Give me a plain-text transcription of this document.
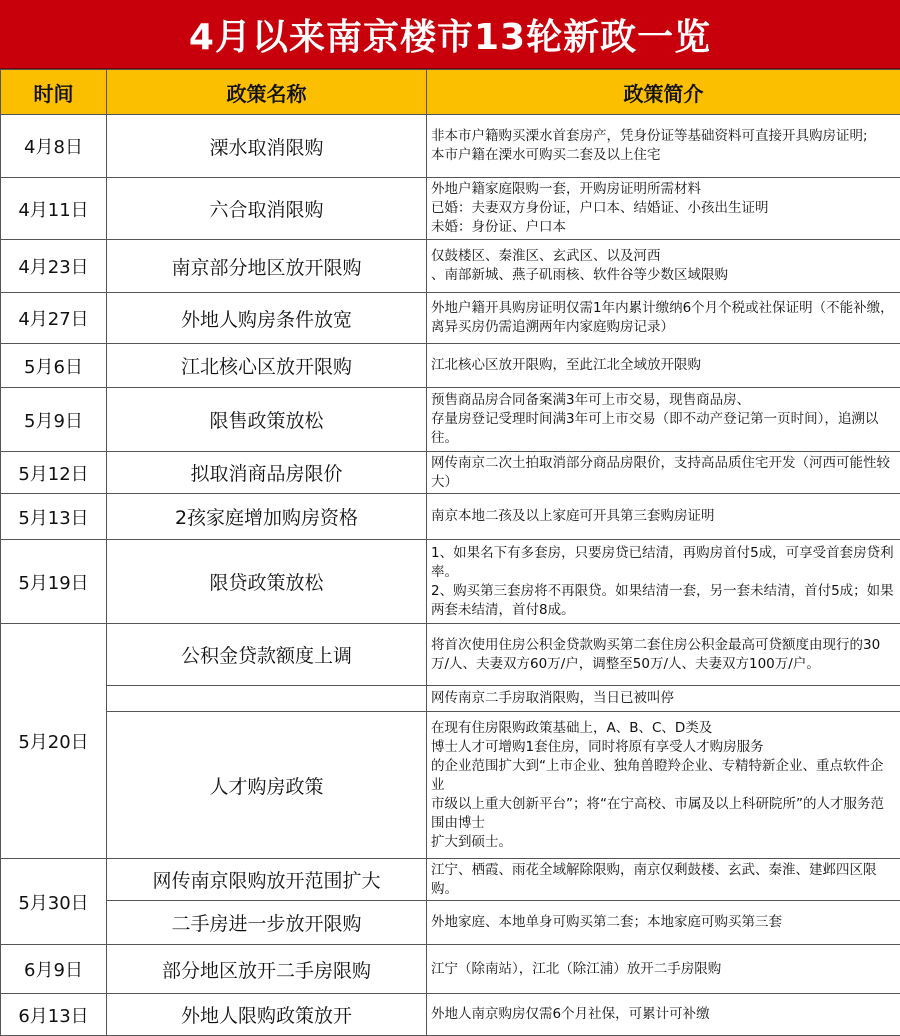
4月以来南京楼市13轮新政一览
时间	政策名称	政策简介
4月8日	溧水取消限购	非本市户籍购买溧水首套房产，凭身份证等基础资料可直接开具购房证明;
本市户籍在溧水可购买二套及以上住宅

4月11日	六合取消限购	外地户籍家庭限购一套，开购房证明所需材料
已婚：夫妻双方身份证，户口本、结婚证、小孩出生证明
未婚：身份证、户口本

4月23日	南京部分地区放开限购	仅鼓楼区、秦淮区、玄武区、以及河西
、南部新城、燕子矶雨核、软件谷等少数区域限购

4月27日	外地人购房条件放宽	外地户籍开具购房证明仅需1年内累计缴纳6个月个税或社保证明（不能补缴，离异买房仍需追溯两年内家庭购房记录）

5月6日	江北核心区放开限购	江北核心区放开限购，至此江北全域放开限购

5月9日	限售政策放松	预售商品房合同备案满3年可上市交易，现售商品房、
存量房登记受理时间满3年可上市交易（即不动产登记第一页时间），追溯以往。

5月12日	拟取消商品房限价	网传南京二次土拍取消部分商品房限价，支持高品质住宅开发（河西可能性较大）

5月13日	2孩家庭增加购房资格	南京本地二孩及以上家庭可开具第三套购房证明

5月19日	限贷政策放松	1、如果名下有多套房，只要房贷已结清，再购房首付5成，可享受首套房贷利率。
2、购买第三套房将不再限贷。如果结清一套，另一套未结清，首付5成；如果两套未结清，首付8成。

5月20日	公积金贷款额度上调	将首次使用住房公积金贷款购买第二套住房公积金最高可贷额度由现行的30万/人、夫妻双方60万/户，调整至50万/人、夫妻双方100万/户。

		网传南京二手房取消限购，当日已被叫停

	人才购房政策	在现有住房限购政策基础上，A、B、C、D类及
博士人才可增购1套住房，同时将原有享受人才购房服务
的企业范围扩大到“上市企业、独角兽瞪羚企业、专精特新企业、重点软件企业
市级以上重大创新平台”；将“在宁高校、市属及以上科研院所”的人才服务范围由博士
扩大到硕士。

5月30日	网传南京限购放开范围扩大	江宁、栖霞、雨花全域解除限购，南京仅剩鼓楼、玄武、秦淮、建邺四区限购。

	二手房进一步放开限购	外地家庭、本地单身可购买第二套；本地家庭可购买第三套

6月9日	部分地区放开二手房限购	江宁（除南站），江北（除江浦）放开二手房限购

6月13日	外地人限购政策放开	外地人南京购房仅需6个月社保，可累计可补缴
